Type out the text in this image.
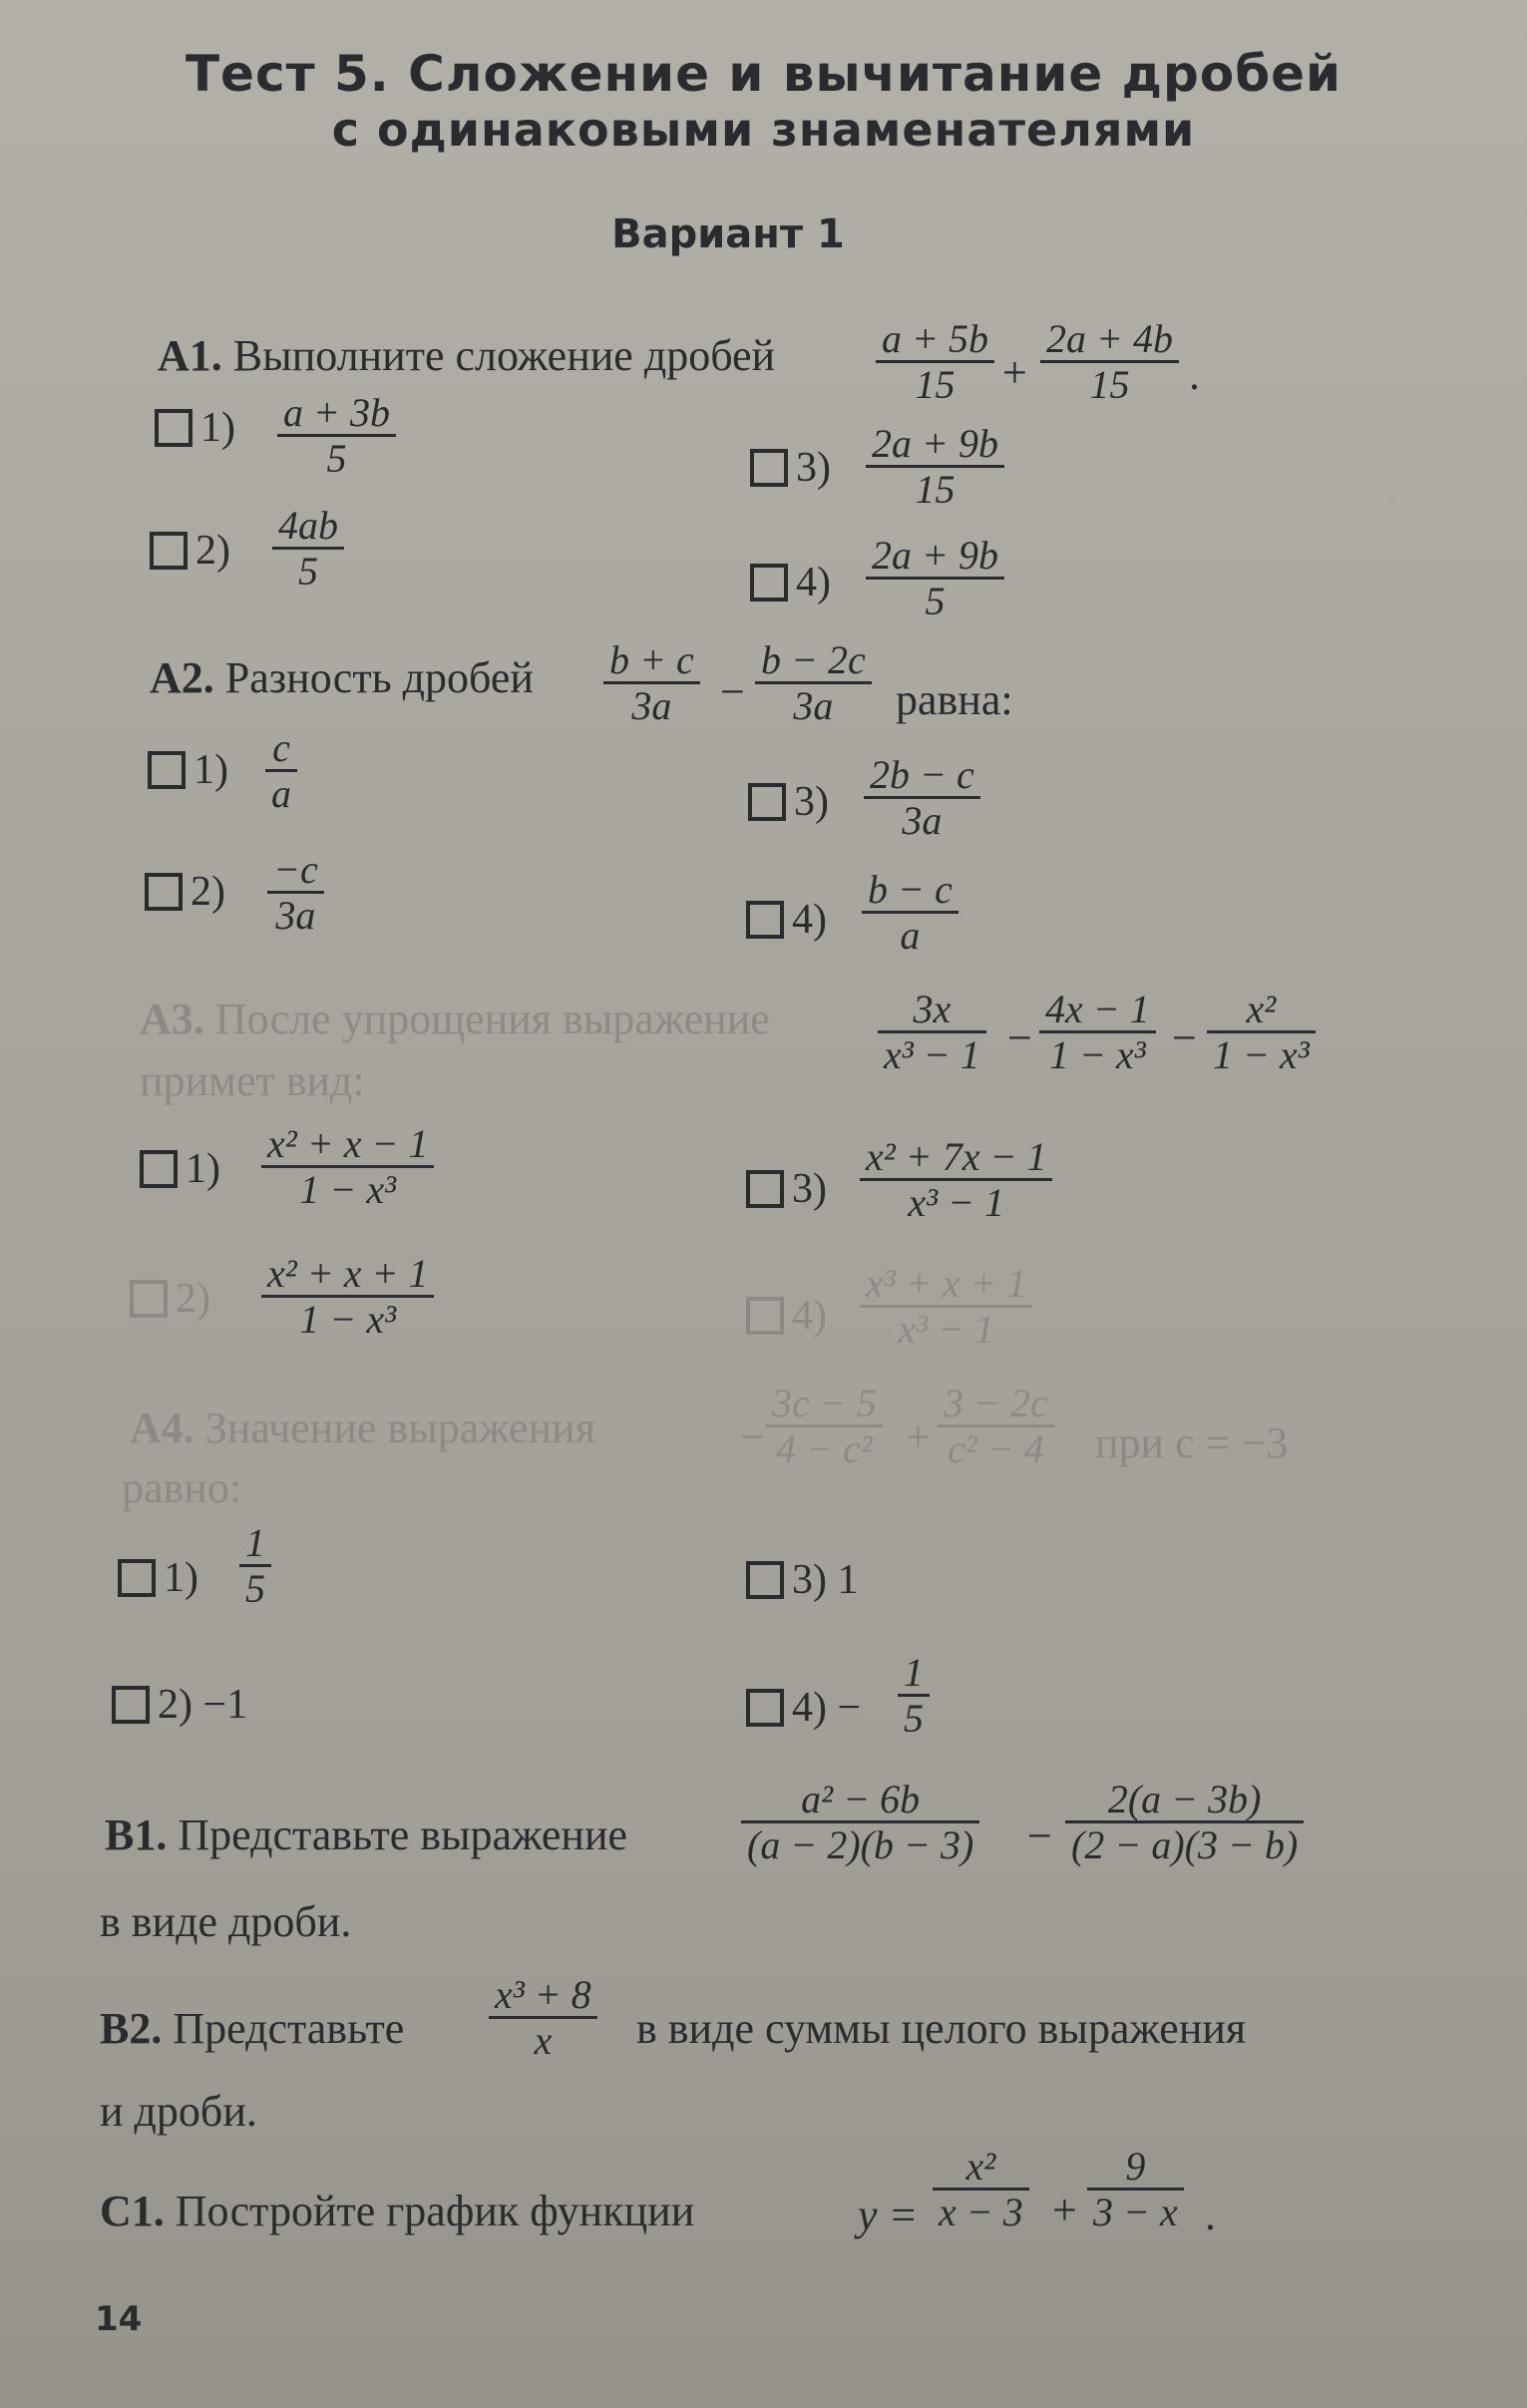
Тест 5. Сложение и вычитание дробей
с одинаковыми знаменателями
Вариант 1
А1. Выполните сложение дробей	$\frac{a + 5b}{15} + \frac{2a + 4b}{15}$ .
$1) \frac{a + 3b}{5}$	$3) \frac{2a + 9b}{15}$
$2) \frac{4ab}{5}$	$4) \frac{2a + 9b}{5}$
А2. Разность дробей $\frac{b + c}{3a} - \frac{b - 2c}{3a}$ равна:
$1) \frac{c}{a}$	$3) \frac{2b - c}{3a}$
$2) \frac{-c}{3a}$	$4) \frac{b - c}{a}$
А3. После упрощения выражение	$\frac{3x}{\text{x³ − 1}} - \frac{4x - 1}{\text{1 − x³}} - \frac{\text{x²}}{\text{1 − x³}}$
примет вид:
$1) \frac{\text{x² + x − 1}}{\text{1 − x³}}$	$3) \frac{\text{x² + 7x − 1}}{\text{x³ − 1}}$
$2) \frac{\text{x² + x + 1}}{\text{1 − x³}}$	$4) \frac{\text{x³ + x + 1}}{\text{x³ − 1}}$
А4. Значение выражения	− $\frac{3c - 5}{\text{4 − c²}} + \frac{3 - 2c}{\text{c² − 4}}$ при c = −3
равно:
$1) \frac{1}{5}$	3) 1
2) −1	$4) - \frac{1}{5}$
В1. Представьте выражение	$\frac{\text{a² − 6b}}{(a - 2)(b - 3)} - \frac{2(a - 3b)}{(2 - a)(3 - b)}$
в виде дроби.
В2. Представьте $\frac{\text{x³ + 8}}{x}$ в виде суммы целого выражения
и дроби.
С1. Постройте график функции	$y = \frac{\text{x²}}{x - 3} + \frac{9}{3 - x}$ .
14
